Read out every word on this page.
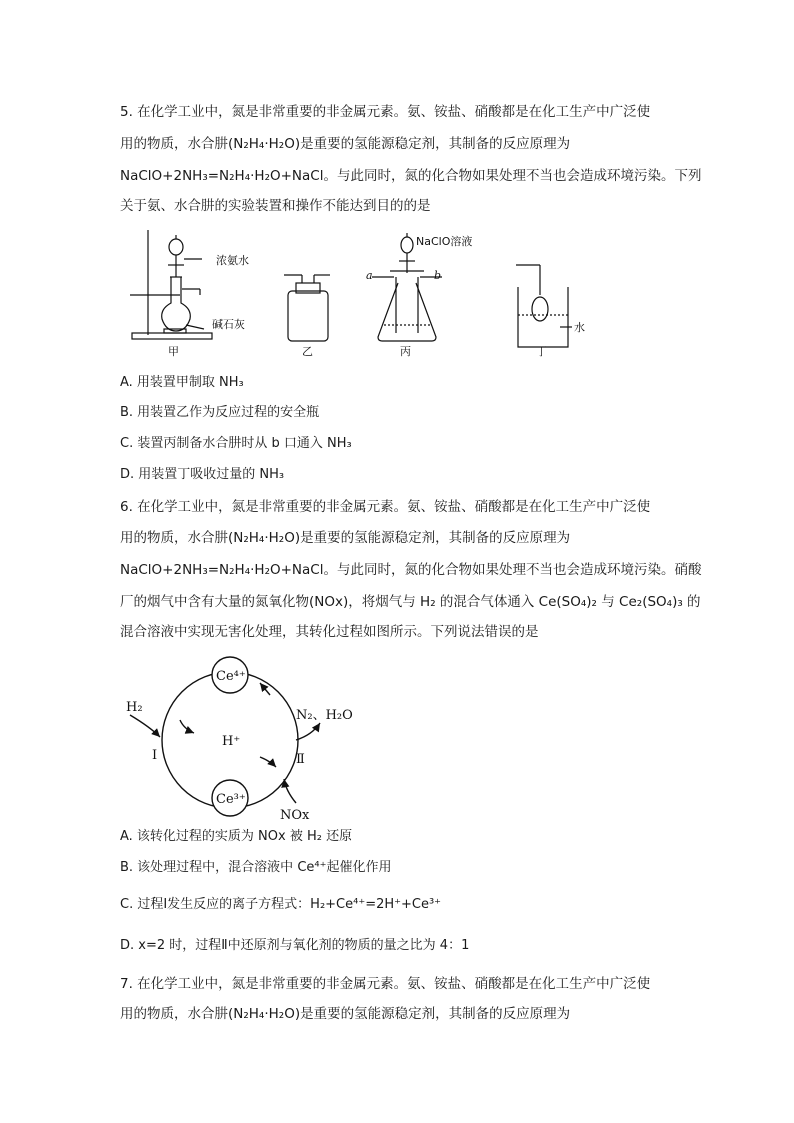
5. 在化学工业中，氮是非常重要的非金属元素。氨、铵盐、硝酸都是在化工生产中广泛使
用的物质，水合肼(N₂H₄·H₂O)是重要的氢能源稳定剂，其制备的反应原理为
NaClO+2NH₃=N₂H₄·H₂O+NaCl。与此同时，氮的化合物如果处理不当也会造成环境污染。下列
关于氨、水合肼的实验装置和操作不能达到目的的是
浓氨水
碱石灰
甲	乙
NaClO溶液
a	b
丙
水
丁
A. 用装置甲制取 NH₃
B. 用装置乙作为反应过程的安全瓶
C. 装置丙制备水合肼时从 b 口通入 NH₃
D. 用装置丁吸收过量的 NH₃
6. 在化学工业中，氮是非常重要的非金属元素。氨、铵盐、硝酸都是在化工生产中广泛使
用的物质，水合肼(N₂H₄·H₂O)是重要的氢能源稳定剂，其制备的反应原理为
NaClO+2NH₃=N₂H₄·H₂O+NaCl。与此同时，氮的化合物如果处理不当也会造成环境污染。硝酸
厂的烟气中含有大量的氮氧化物(NOx)，将烟气与 H₂ 的混合气体通入 Ce(SO₄)₂ 与 Ce₂(SO₄)₃ 的
混合溶液中实现无害化处理，其转化过程如图所示。下列说法错误的是
Ce⁴⁺
Ce³⁺
H₂
H⁺
N₂、H₂O
NOx
Ⅰ	Ⅱ
A. 该转化过程的实质为 NOx 被 H₂ 还原
B. 该处理过程中，混合溶液中 Ce⁴⁺起催化作用
C. 过程Ⅰ发生反应的离子方程式：H₂+Ce⁴⁺=2H⁺+Ce³⁺
D. x=2 时，过程Ⅱ中还原剂与氧化剂的物质的量之比为 4：1
7. 在化学工业中，氮是非常重要的非金属元素。氨、铵盐、硝酸都是在化工生产中广泛使
用的物质，水合肼(N₂H₄·H₂O)是重要的氢能源稳定剂，其制备的反应原理为
